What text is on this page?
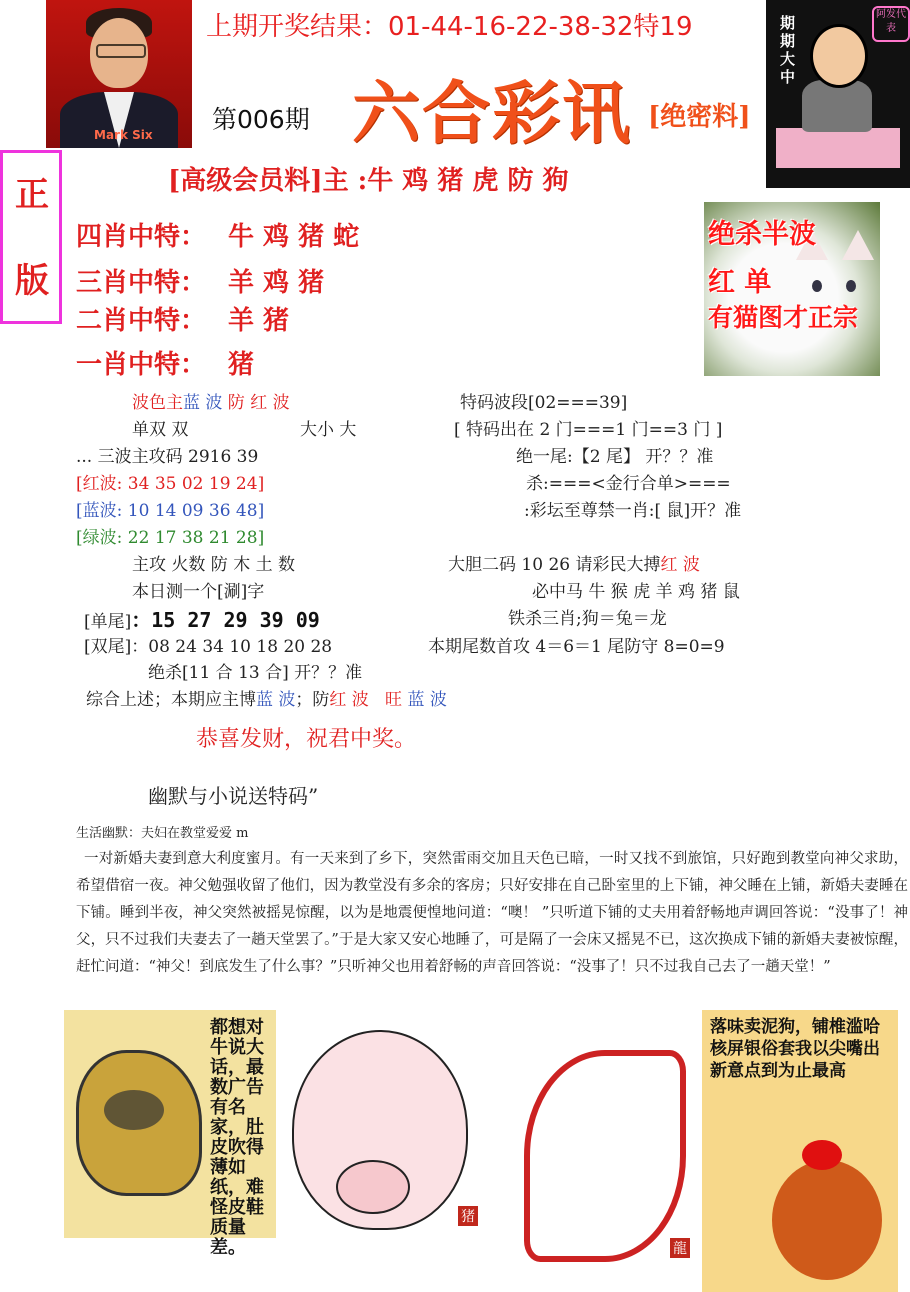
Mark Six
上期开奖结果：01-44-16-22-38-32特19
第006期 六合彩讯 [绝密料]
期期大中
阿发代表
正
版
[高级会员料]主 :牛 鸡 猪 虎 防 狗
四肖中特： 牛 鸡 猪 蛇
三肖中特： 羊 鸡 猪
二肖中特： 羊 猪
一肖中特： 猪
绝杀半波
红 单
有猫图才正宗
波色主蓝 波 防 红 波
单双 双	大小 大
... 三波主攻码 2916 39
[红波: 34 35 02 19 24]
[蓝波: 10 14 09 36 48]
[绿波: 22 17 38 21 28]
主攻 火数 防 木 土 数
本日测一个[涮]字
[单尾]：15 27 29 39 09
[双尾]：08 24 34 10 18 20 28
绝杀[11 合 13 合] 开？？准
综合上述；本期应主博蓝 波；防红 波 旺 蓝 波
恭喜发财，祝君中奖。
特码波段[02===39]
[ 特码出在 2 门===1 门==3 门 ]
绝一尾:【2 尾】 开？？准
杀:===<金行合单>===
:彩坛至尊禁一肖:[ 鼠]开？准
大胆二码 10 26 请彩民大搏红 波
必中马 牛 猴 虎 羊 鸡 猪 鼠
铁杀三肖;狗＝兔＝龙
本期尾数首攻 4＝6＝1 尾防守 8=0=9
幽默与小说送特码”
生活幽默：夫妇在教堂爱爱 m
一对新婚夫妻到意大利度蜜月。有一天来到了乡下，突然雷雨交加且天色已暗，一时又找不到旅馆，只好跑到教堂向神父求助，希望借宿一夜。神父勉强收留了他们，因为教堂没有多余的客房；只好安排在自己卧室里的上下铺，神父睡在上铺，新婚夫妻睡在下铺。睡到半夜，神父突然被摇晃惊醒，以为是地震便惶地问道：“噢！ ”只听道下铺的丈夫用着舒畅地声调回答说：“没事了！神父，只不过我们夫妻去了一趟天堂罢了。”于是大家又安心地睡了，可是隔了一会床又摇晃不已，这次换成下铺的新婚夫妻被惊醒，赶忙问道：“神父！到底发生了什么事？”只听神父也用着舒畅的声音回答说：“没事了！只不过我自己去了一趟天堂！”
都想对牛说大话，最数广告有名家，肚皮吹得薄如纸，难怪皮鞋质量差。
猪
龍
落味卖泥狗，铺椎滥哈核屏银俗套我以尖嘴出新意点到为止最高
